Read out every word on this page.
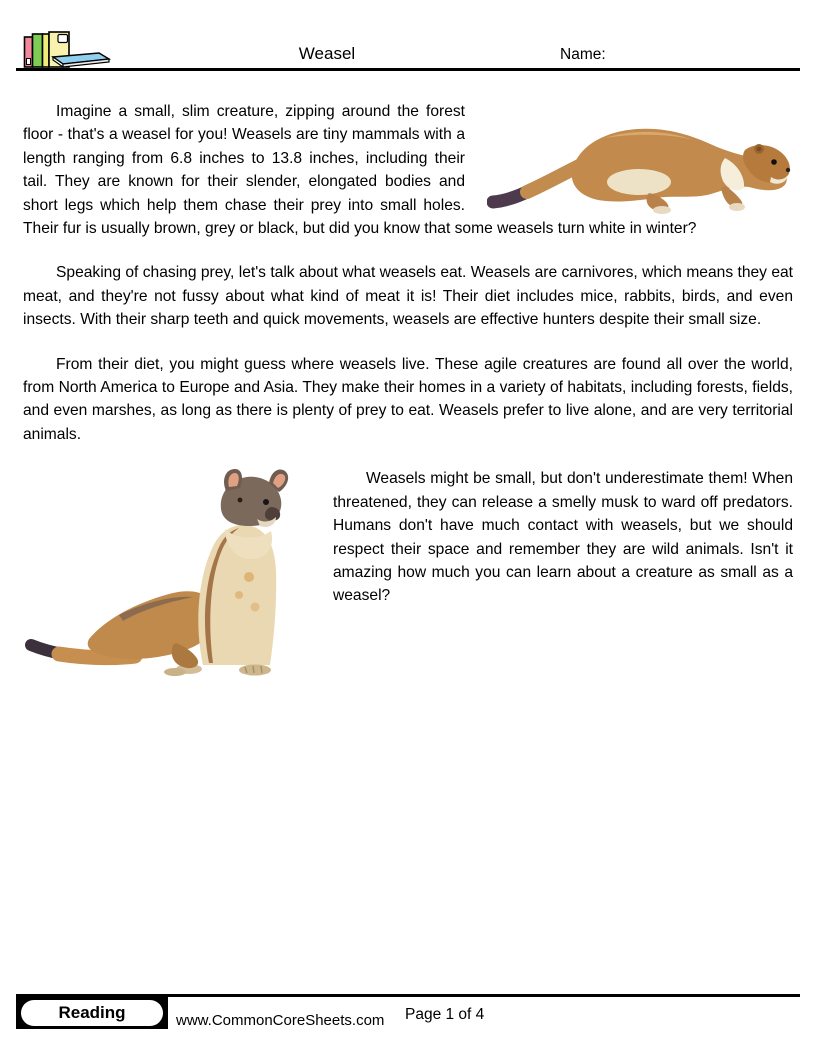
Weasel	Name:
Imagine a small, slim creature, zipping around the forest floor - that's a weasel for you! Weasels are tiny mammals with a length ranging from 6.8 inches to 13.8 inches, including their tail. They are known for their slender, elongated bodies and short legs which help them chase their prey into small holes. Their fur is usually brown, grey or black, but did you know that some weasels turn white in winter?
Speaking of chasing prey, let's talk about what weasels eat. Weasels are carnivores, which means they eat meat, and they're not fussy about what kind of meat it is! Their diet includes mice, rabbits, birds, and even insects. With their sharp teeth and quick movements, weasels are effective hunters despite their small size.
From their diet, you might guess where weasels live. These agile creatures are found all over the world, from North America to Europe and Asia. They make their homes in a variety of habitats, including forests, fields, and even marshes, as long as there is plenty of prey to eat. Weasels prefer to live alone, and are very territorial animals.
Weasels might be small, but don't underestimate them! When threatened, they can release a smelly musk to ward off predators. Humans don't have much contact with weasels, but we should respect their space and remember they are wild animals. Isn't it amazing how much you can learn about a creature as small as a weasel?
Reading	www.CommonCoreSheets.com Page 1 of 4
